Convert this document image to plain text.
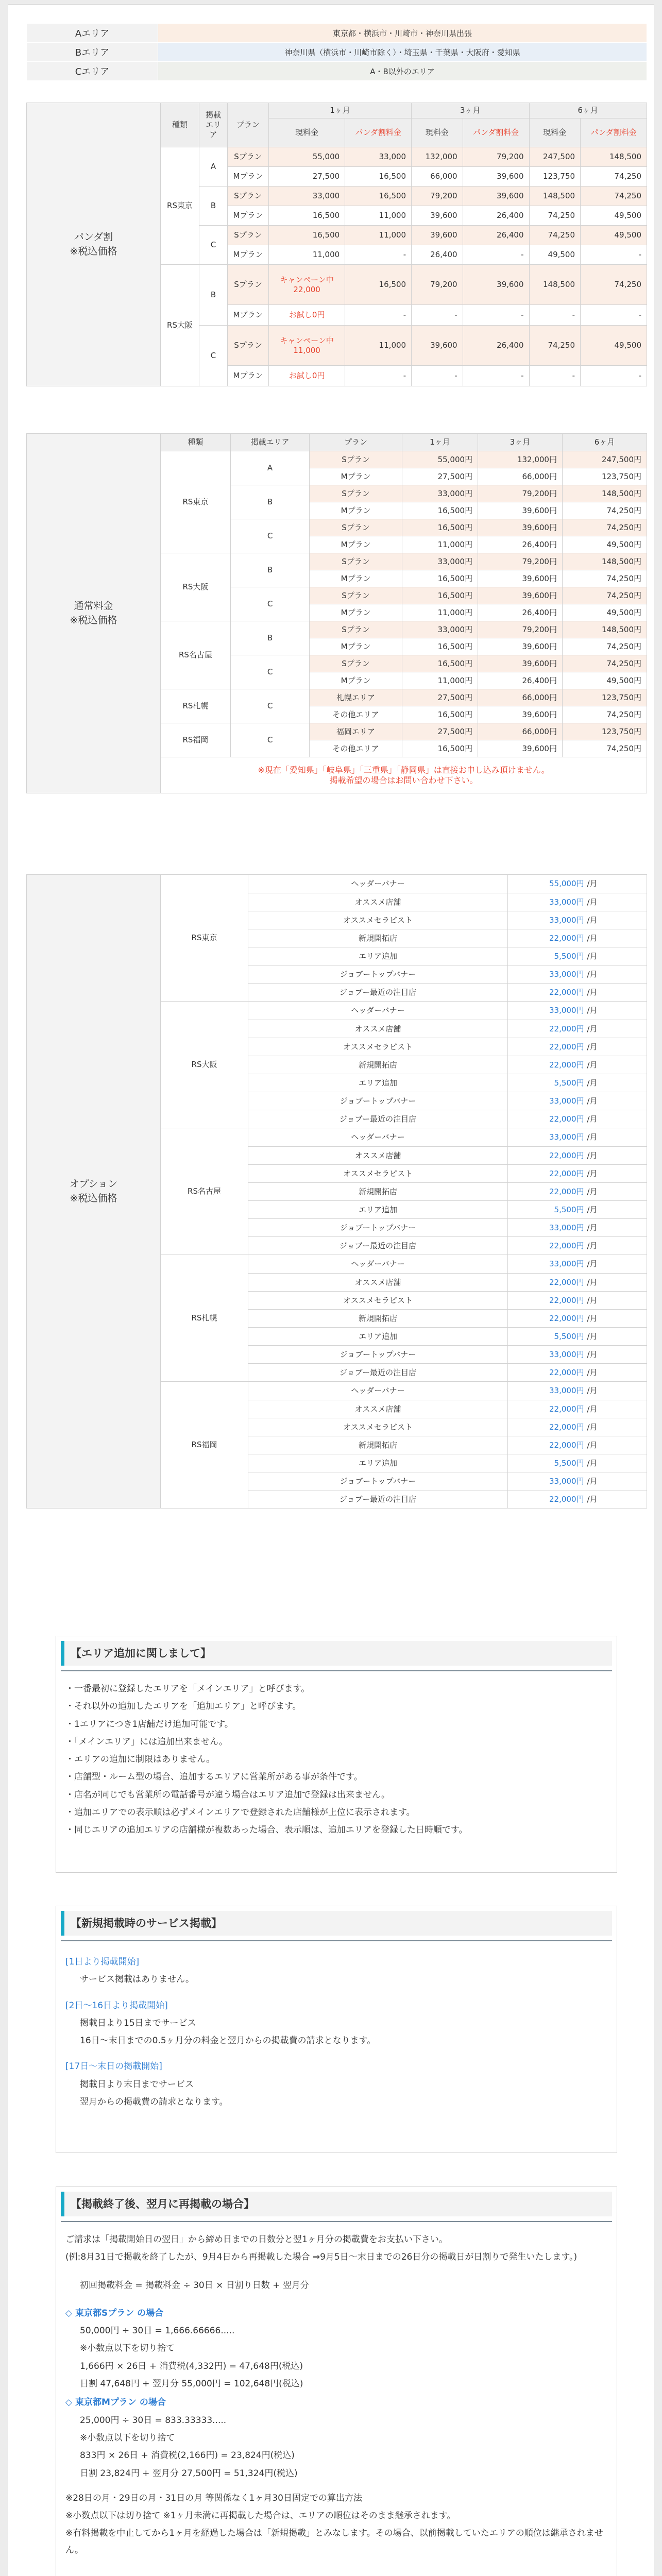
Aエリア	東京都・横浜市・川崎市・神奈川県出張
Bエリア	神奈川県（横浜市・川崎市除く）・埼玉県・千葉県・大阪府・愛知県
Cエリア	A・B以外のエリア
パンダ割
※税込価格	種類	掲載エリア	プラン	1ヶ月		3ヶ月		6ヶ月	
				現料金	パンダ割料金	現料金	パンダ割料金	現料金	パンダ割料金
	RS東京	A	Sプラン	55,000	33,000	132,000	79,200	247,500	148,500
			Mプラン	27,500	16,500	66,000	39,600	123,750	74,250
		B	Sプラン	33,000	16,500	79,200	39,600	148,500	74,250
			Mプラン	16,500	11,000	39,600	26,400	74,250	49,500
		C	Sプラン	16,500	11,000	39,600	26,400	74,250	49,500
			Mプラン	11,000	-	26,400	-	49,500	-
	RS大阪	B	Sプラン	キャンペーン中
22,000	16,500	79,200	39,600	148,500	74,250
			Mプラン	お試し0円	-	-	-	-	-
		C	Sプラン	キャンペーン中
11,000	11,000	39,600	26,400	74,250	49,500
			Mプラン	お試し0円	-	-	-	-	-
通常料金
※税込価格	種類	掲載エリア	プラン	1ヶ月	3ヶ月	6ヶ月
	RS東京	A	Sプラン	55,000円	132,000円	247,500円
			Mプラン	27,500円	66,000円	123,750円
		B	Sプラン	33,000円	79,200円	148,500円
			Mプラン	16,500円	39,600円	74,250円
		C	Sプラン	16,500円	39,600円	74,250円
			Mプラン	11,000円	26,400円	49,500円
	RS大阪	B	Sプラン	33,000円	79,200円	148,500円
			Mプラン	16,500円	39,600円	74,250円
		C	Sプラン	16,500円	39,600円	74,250円
			Mプラン	11,000円	26,400円	49,500円
	RS名古屋	B	Sプラン	33,000円	79,200円	148,500円
			Mプラン	16,500円	39,600円	74,250円
		C	Sプラン	16,500円	39,600円	74,250円
			Mプラン	11,000円	26,400円	49,500円
	RS札幌	C	札幌エリア	27,500円	66,000円	123,750円
			その他エリア	16,500円	39,600円	74,250円
	RS福岡	C	福岡エリア	27,500円	66,000円	123,750円
			その他エリア	16,500円	39,600円	74,250円
	※現在「愛知県」「岐阜県」「三重県」「静岡県」は直接お申し込み頂けません。
掲載希望の場合はお問い合わせ下さい。					
オプション
※税込価格	RS東京	ヘッダーバナー	55,000円	/月
		オススメ店舗	33,000円	/月
		オススメセラピスト	33,000円	/月
		新規開拓店	22,000円	/月
		エリア追加	5,500円	/月
		ジョブートップバナー	33,000円	/月
		ジョブー最近の注目店	22,000円	/月
	RS大阪	ヘッダーバナー	33,000円	/月
		オススメ店舗	22,000円	/月
		オススメセラピスト	22,000円	/月
		新規開拓店	22,000円	/月
		エリア追加	5,500円	/月
		ジョブートップバナー	33,000円	/月
		ジョブー最近の注目店	22,000円	/月
	RS名古屋	ヘッダーバナー	33,000円	/月
		オススメ店舗	22,000円	/月
		オススメセラピスト	22,000円	/月
		新規開拓店	22,000円	/月
		エリア追加	5,500円	/月
		ジョブートップバナー	33,000円	/月
		ジョブー最近の注目店	22,000円	/月
	RS札幌	ヘッダーバナー	33,000円	/月
		オススメ店舗	22,000円	/月
		オススメセラピスト	22,000円	/月
		新規開拓店	22,000円	/月
		エリア追加	5,500円	/月
		ジョブートップバナー	33,000円	/月
		ジョブー最近の注目店	22,000円	/月
	RS福岡	ヘッダーバナー	33,000円	/月
		オススメ店舗	22,000円	/月
		オススメセラピスト	22,000円	/月
		新規開拓店	22,000円	/月
		エリア追加	5,500円	/月
		ジョブートップバナー	33,000円	/月
		ジョブー最近の注目店	22,000円	/月
【エリア追加に関しまして】

・一番最初に登録したエリアを「メインエリア」と呼びます。

・それ以外の追加したエリアを「追加エリア」と呼びます。

・1エリアにつき1店舗だけ追加可能です。

・「メインエリア」には追加出来ません。

・エリアの追加に制限はありません。

・店舗型・ルーム型の場合、追加するエリアに営業所がある事が条件です。

・店名が同じでも営業所の電話番号が違う場合はエリア追加で登録は出来ません。

・追加エリアでの表示順は必ずメインエリアで登録された店舗様が上位に表示されます。

・同じエリアの追加エリアの店舗様が複数あった場合、表示順は、追加エリアを登録した日時順です。

【新規掲載時のサービス掲載】

[1日より掲載開始]

サービス掲載はありません。

[2日～16日より掲載開始]

掲載日より15日までサービス

16日～末日までの0.5ヶ月分の料金と翌月からの掲載費の請求となります。

[17日～末日の掲載開始]

掲載日より末日までサービス

翌月からの掲載費の請求となります。

【掲載終了後、翌月に再掲載の場合】

ご請求は「掲載開始日の翌日」から締め日までの日数分と翌1ヶ月分の掲載費をお支払い下さい。

(例:8月31日で掲載を終了したが、9月4日から再掲載した場合 ⇒9月5日～末日までの26日分の掲載日が日割りで発生いたします。)

初回掲載料金 = 掲載料金 ÷ 30日 × 日割り日数 + 翌月分

◇ 東京都Sプラン の場合

50,000円 ÷ 30日 = 1,666.66666.....

※小数点以下を切り捨て

1,666円 × 26日 + 消費税(4,332円) = 47,648円(税込)

日割 47,648円 + 翌月分 55,000円 = 102,648円(税込)

◇ 東京都Mプラン の場合

25,000円 ÷ 30日 = 833.33333.....

※小数点以下を切り捨て

833円 × 26日 + 消費税(2,166円) = 23,824円(税込)

日割 23,824円 + 翌月分 27,500円 = 51,324円(税込)

※28日の月・29日の月・31日の月 等関係なく1ヶ月30日固定での算出方法

※小数点以下は切り捨て ※1ヶ月未満に再掲載した場合は、エリアの順位はそのまま継承されます。

※有料掲載を中止してから1ヶ月を経過した場合は「新規掲載」とみなします。その場合、以前掲載していたエリアの順位は継承されません。
